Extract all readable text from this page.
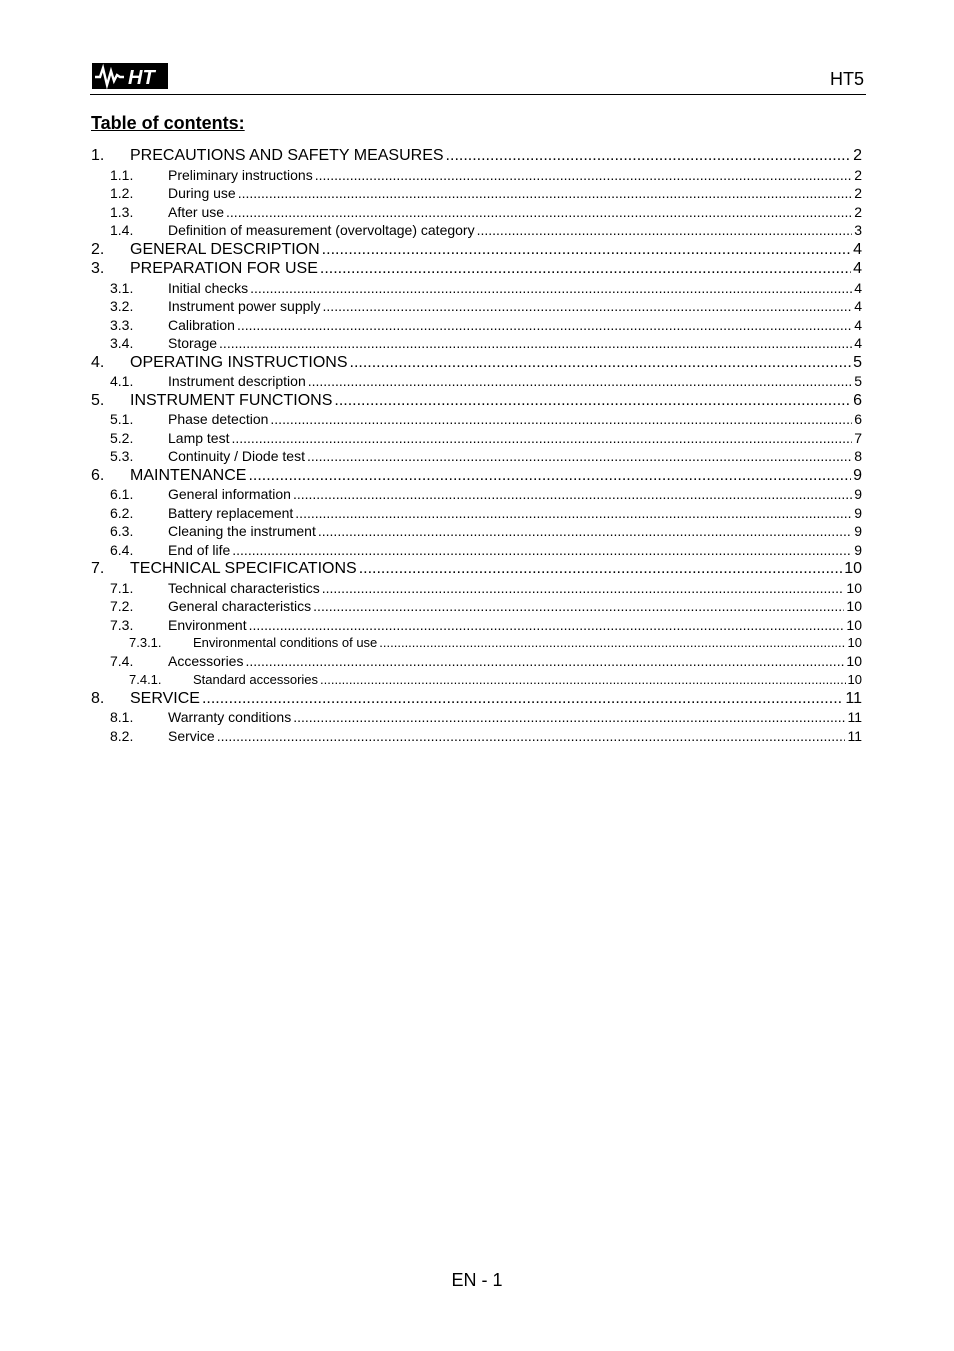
HT	HT5
Table of contents:
1.	PRECAUTIONS AND SAFETY MEASURES .....	2
1.1.	Preliminary instructions .....	2
1.2.	During use .....	2
1.3.	After use .....	2
1.4.	Definition of measurement (overvoltage) category .....	3
2.	GENERAL DESCRIPTION .....	4
3.	PREPARATION FOR USE .....	4
3.1.	Initial checks .....	4
3.2.	Instrument power supply .....	4
3.3.	Calibration .....	4
3.4.	Storage .....	4
4.	OPERATING INSTRUCTIONS .....	5
4.1.	Instrument description .....	5
5.	INSTRUMENT FUNCTIONS .....	6
5.1.	Phase detection .....	6
5.2.	Lamp test .....	7
5.3.	Continuity / Diode test .....	8
6.	MAINTENANCE .....	9
6.1.	General information .....	9
6.2.	Battery replacement .....	9
6.3.	Cleaning the instrument .....	9
6.4.	End of life .....	9
7.	TECHNICAL SPECIFICATIONS .....	10
7.1.	Technical characteristics .....	10
7.2.	General characteristics .....	10
7.3.	Environment .....	10
7.3.1.	Environmental conditions of use .....	10
7.4.	Accessories .....	10
7.4.1.	Standard accessories .....	10
8.	SERVICE .....	11
8.1.	Warranty conditions .....	11
8.2.	Service .....	11
EN - 1
